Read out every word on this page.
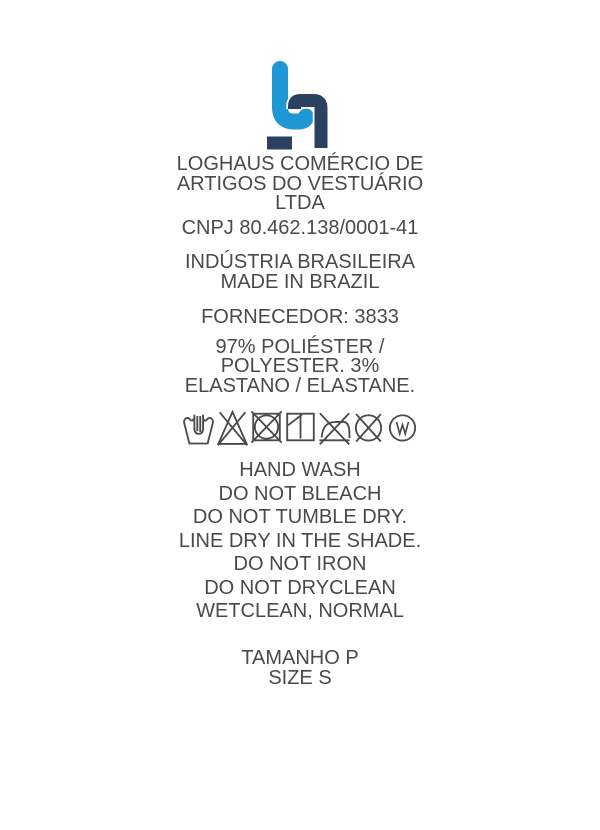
LOGHAUS COMÉRCIO DE
ARTIGOS DO VESTUÁRIO
LTDA
CNPJ 80.462.138/0001-41
INDÚSTRIA BRASILEIRA
MADE IN BRAZIL
FORNECEDOR: 3833
97% POLIÉSTER /
POLYESTER. 3%
ELASTANO / ELASTANE.
HAND WASH
DO NOT BLEACH
DO NOT TUMBLE DRY.
LINE DRY IN THE SHADE.
DO NOT IRON
DO NOT DRYCLEAN
WETCLEAN, NORMAL
TAMANHO P
SIZE S
